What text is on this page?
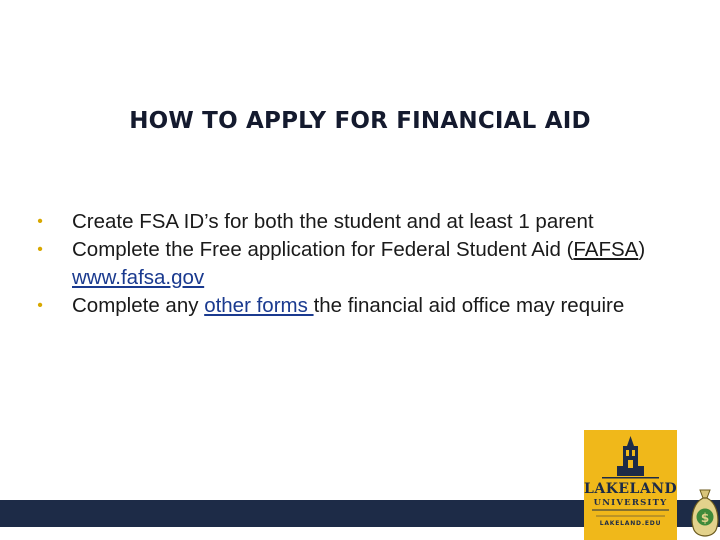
HOW TO APPLY FOR FINANCIAL AID
•	Create FSA ID’s for both the student and at least 1 parent
•	Complete the Free application for Federal Student Aid (FAFSA) www.fafsa.gov
•	Complete any other forms the financial aid office may require
LAKELAND
UNIVERSITY
LAKELAND.EDU	$
